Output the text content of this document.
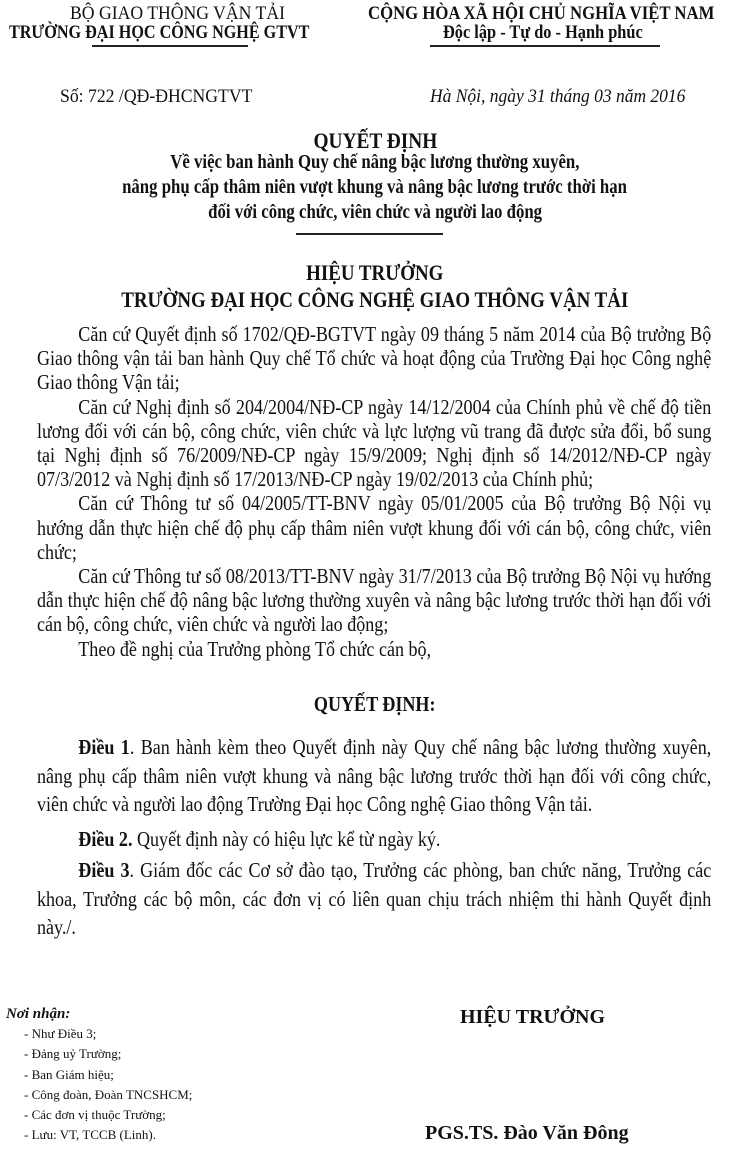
BỘ GIAO THÔNG VẬN TẢI
TRƯỜNG ĐẠI HỌC CÔNG NGHỆ GTVT
CỘNG HÒA XÃ HỘI CHỦ NGHĨA VIỆT NAM
Độc lập - Tự do - Hạnh phúc
Số: 722 /QĐ-ĐHCNGTVT	Hà Nội, ngày 31 tháng 03 năm 2016
QUYẾT ĐỊNH
Về việc ban hành Quy chế nâng bậc lương thường xuyên,
nâng phụ cấp thâm niên vượt khung và nâng bậc lương trước thời hạn
đối với công chức, viên chức và người lao động
HIỆU TRƯỞNG
TRƯỜNG ĐẠI HỌC CÔNG NGHỆ GIAO THÔNG VẬN TẢI

Căn cứ Quyết định số 1702/QĐ-BGTVT ngày 09 tháng 5 năm 2014 của Bộ trưởng Bộ Giao thông vận tải ban hành Quy chế Tổ chức và hoạt động của Trường Đại học Công nghệ Giao thông Vận tải;

Căn cứ Nghị định số 204/2004/NĐ-CP ngày 14/12/2004 của Chính phủ về chế độ tiền lương đối với cán bộ, công chức, viên chức và lực lượng vũ trang đã được sửa đổi, bổ sung tại Nghị định số 76/2009/NĐ-CP ngày 15/9/2009; Nghị định số 14/2012/NĐ-CP ngày 07/3/2012 và Nghị định số 17/2013/NĐ-CP ngày 19/02/2013 của Chính phủ;

Căn cứ Thông tư số 04/2005/TT-BNV ngày 05/01/2005 của Bộ trưởng Bộ Nội vụ hướng dẫn thực hiện chế độ phụ cấp thâm niên vượt khung đối với cán bộ, công chức, viên chức;

Căn cứ Thông tư số 08/2013/TT-BNV ngày 31/7/2013 của Bộ trưởng Bộ Nội vụ hướng dẫn thực hiện chế độ nâng bậc lương thường xuyên và nâng bậc lương trước thời hạn đối với cán bộ, công chức, viên chức và người lao động;

Theo đề nghị của Trưởng phòng Tổ chức cán bộ,

QUYẾT ĐỊNH:

Điều 1. Ban hành kèm theo Quyết định này Quy chế nâng bậc lương thường xuyên, nâng phụ cấp thâm niên vượt khung và nâng bậc lương trước thời hạn đối với công chức, viên chức và người lao động Trường Đại học Công nghệ Giao thông Vận tải.

Điều 2. Quyết định này có hiệu lực kể từ ngày ký.

Điều 3. Giám đốc các Cơ sở đào tạo, Trưởng các phòng, ban chức năng, Trưởng các khoa, Trưởng các bộ môn, các đơn vị có liên quan chịu trách nhiệm thi hành Quyết định này./.

Nơi nhận:
- Như Điều 3;
- Đảng uỷ Trường;
- Ban Giám hiệu;
- Công đoàn, Đoàn TNCSHCM;
- Các đơn vị thuộc Trường;
- Lưu: VT, TCCB (Linh).
HIỆU TRƯỞNG
PGS.TS. Đào Văn Đông
